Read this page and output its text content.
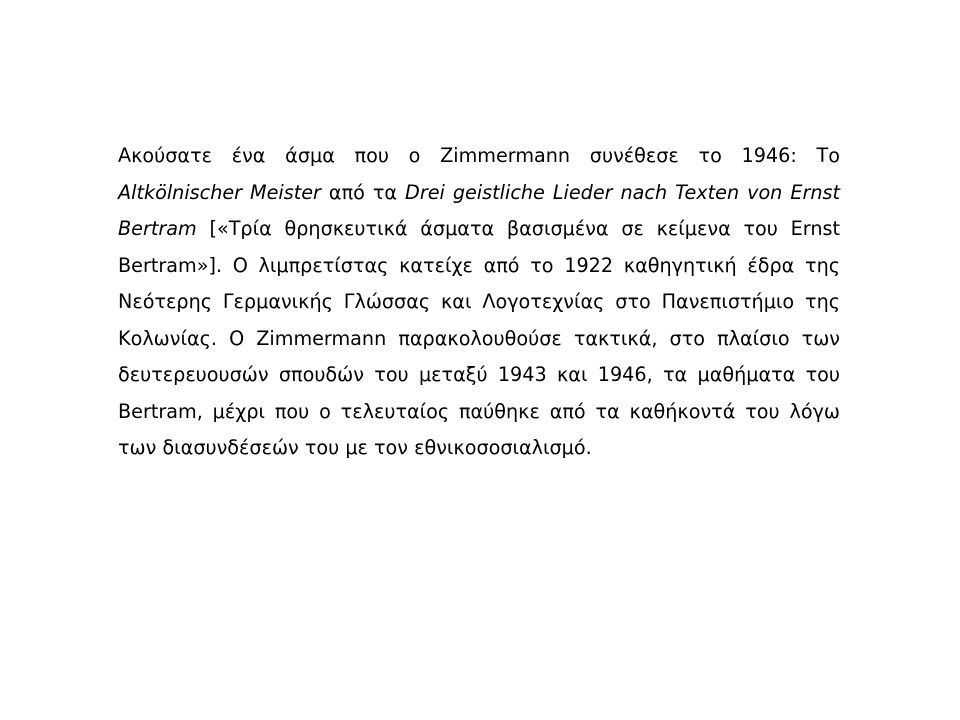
Ακούσατε ένα άσμα που ο Zimmermann συνέθεσε το 1946: Το Altkölnischer Meister από τα Drei geistliche Lieder nach Texten von Ernst Bertram [«Τρία θρησκευτικά άσματα βασισμένα σε κείμενα του Ernst Bertram»]. Ο λιμπρετίστας κατείχε από το 1922 καθηγητική έδρα της Νεότερης Γερμανικής Γλώσσας και Λογοτεχνίας στο Πανεπιστήμιο της Κολωνίας. Ο Zimmermann παρακολουθούσε τακτικά, στο πλαίσιο των δευτερευουσών σπουδών του μεταξύ 1943 και 1946, τα μαθήματα του Bertram, μέχρι που ο τελευταίος παύθηκε από τα καθήκοντά του λόγω των διασυνδέσεών του με τον εθνικοσοσιαλισμό.
